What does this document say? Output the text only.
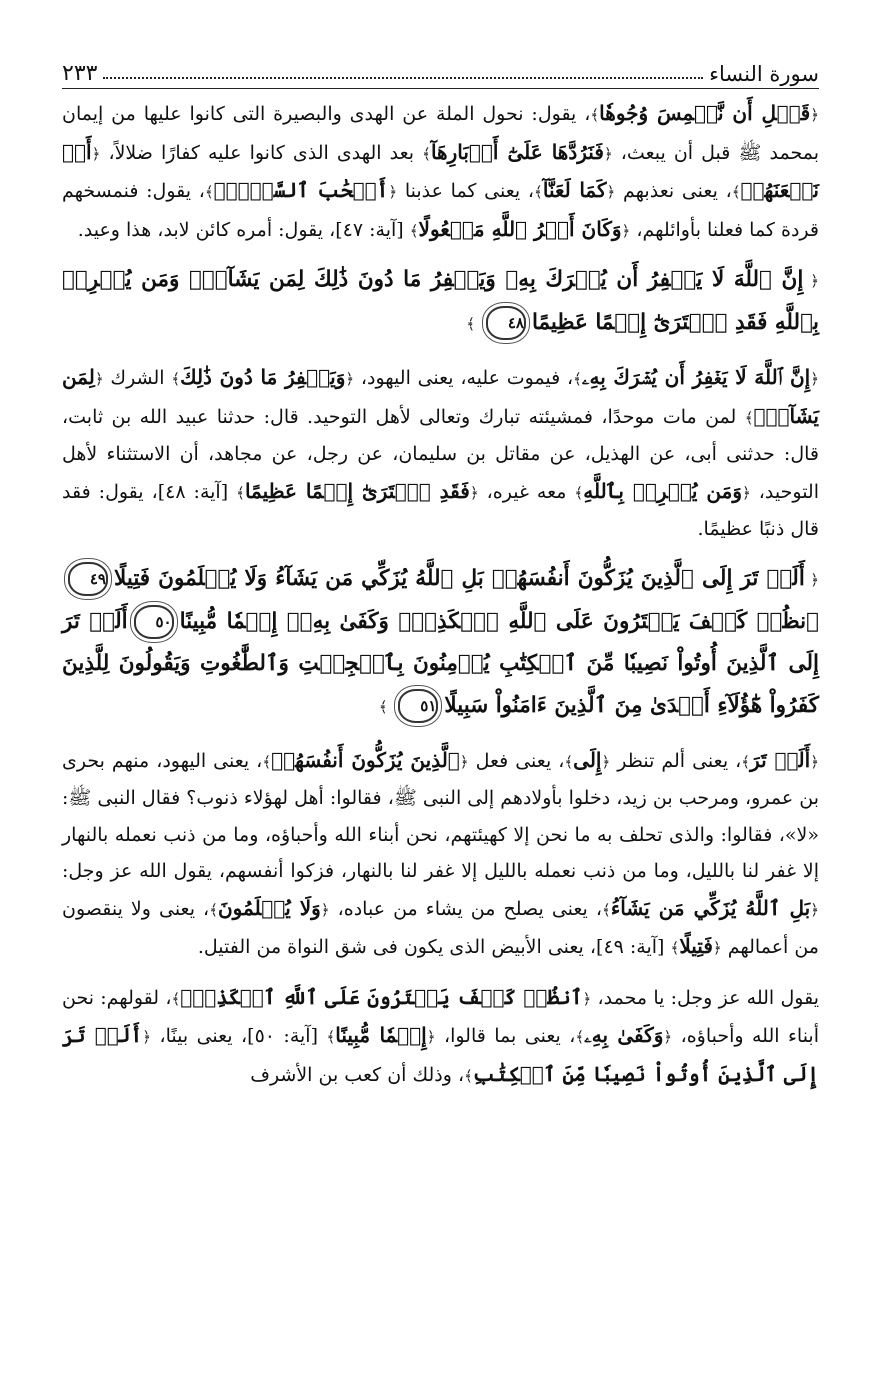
سورة النساء
٢٣٣

﴿قَبۡلِ أَن نَّطۡمِسَ وُجُوهٗا﴾، يقول: نحول الملة عن الهدى والبصيرة التى كانوا عليها من إيمان بمحمد ﷺ قبل أن يبعث، ﴿فَنَرُدَّهَا عَلَىٰٓ أَدۡبَارِهَآ﴾ بعد الهدى الذى كانوا عليه كفارًا ضلالاً، ﴿أَوۡ نَلۡعَنَهُمۡ﴾، يعنى نعذبهم ﴿كَمَا لَعَنَّآ﴾، يعنى كما عذبنا ﴿أَصۡحَٰبَ ٱلسَّبۡتِۚ﴾، يقول: فنمسخهم قردة كما فعلنا بأوائلهم، ﴿وَكَانَ أَمۡرُ ٱللَّهِ مَفۡعُولًا﴾ [آية: ٤٧]، يقول: أمره كائن لابد، هذا وعيد.

﴿ إِنَّ ٱللَّهَ لَا يَغۡفِرُ أَن يُشۡرَكَ بِهِۦ وَيَغۡفِرُ مَا دُونَ ذَٰلِكَ لِمَن يَشَآءُۚ وَمَن يُشۡرِكۡ بِٱللَّهِ فَقَدِ ٱفۡتَرَىٰٓ إِثۡمًا عَظِيمًا٤٨ ﴾

﴿إِنَّ ٱللَّهَ لَا يَغۡفِرُ أَن يُشۡرَكَ بِهِۦ﴾، فيموت عليه، يعنى اليهود، ﴿وَيَغۡفِرُ مَا دُونَ ذَٰلِكَ﴾ الشرك ﴿لِمَن يَشَآءُۚ﴾ لمن مات موحدًا، فمشيئته تبارك وتعالى لأهل التوحيد. قال: حدثنا عبيد الله بن ثابت، قال: حدثنى أبى، عن الهذيل، عن مقاتل بن سليمان، عن رجل، عن مجاهد، أن الاستثناء لأهل التوحيد، ﴿وَمَن يُشۡرِكۡ بِٱللَّهِ﴾ معه غيره، ﴿فَقَدِ ٱفۡتَرَىٰٓ إِثۡمًا عَظِيمًا﴾ [آية: ٤٨]، يقول: فقد قال ذنبًا عظيمًا.

﴿ أَلَمۡ تَرَ إِلَى ٱلَّذِينَ يُزَكُّونَ أَنفُسَهُمۚ بَلِ ٱللَّهُ يُزَكِّي مَن يَشَآءُ وَلَا يُظۡلَمُونَ فَتِيلًا٤٩ٱنظُرۡ كَيۡفَ يَفۡتَرُونَ عَلَى ٱللَّهِ ٱلۡكَذِبَۖ وَكَفَىٰ بِهِۦٓ إِثۡمٗا مُّبِينًا٥٠أَلَمۡ تَرَ إِلَى ٱلَّذِينَ أُوتُواْ نَصِيبٗا مِّنَ ٱلۡكِتَٰبِ يُؤۡمِنُونَ بِٱلۡجِبۡتِ وَٱلطَّٰغُوتِ وَيَقُولُونَ لِلَّذِينَ كَفَرُواْ هَٰٓؤُلَآءِ أَهۡدَىٰ مِنَ ٱلَّذِينَ ءَامَنُواْ سَبِيلًا٥١ ﴾

﴿أَلَمۡ تَرَ﴾، يعنى ألم تنظر ﴿إِلَى﴾، يعنى فعل ﴿ٱلَّذِينَ يُزَكُّونَ أَنفُسَهُمۚ﴾، يعنى اليهود، منهم بحرى بن عمرو، ومرحب بن زيد، دخلوا بأولادهم إلى النبى ﷺ، فقالوا: أهل لهؤلاء ذنوب؟ فقال النبى ﷺ: «لا»، فقالوا: والذى تحلف به ما نحن إلا كهيئتهم، نحن أبناء الله وأحباؤه، وما من ذنب نعمله بالنهار إلا غفر لنا بالليل، وما من ذنب نعمله بالليل إلا غفر لنا بالنهار، فزكوا أنفسهم، يقول الله عز وجل: ﴿بَلِ ٱللَّهُ يُزَكِّي مَن يَشَآءُ﴾، يعنى يصلح من يشاء من عباده، ﴿وَلَا يُظۡلَمُونَ﴾، يعنى ولا ينقصون من أعمالهم ﴿فَتِيلًا﴾ [آية: ٤٩]، يعنى الأبيض الذى يكون فى شق النواة من الفتيل.

يقول الله عز وجل: يا محمد، ﴿ٱنظُرۡ كَيۡفَ يَفۡتَرُونَ عَلَى ٱللَّهِ ٱلۡكَذِبَۖ﴾، لقولهم: نحن أبناء الله وأحباؤه، ﴿وَكَفَىٰ بِهِۦ﴾، يعنى بما قالوا، ﴿إِثۡمٗا مُّبِينًا﴾ [آية: ٥٠]، يعنى بينًا، ﴿أَلَمۡ تَرَ إِلَى ٱلَّذِينَ أُوتُواْ نَصِيبٗا مِّنَ ٱلۡكِتَٰبِ﴾، وذلك أن كعب بن الأشرف
